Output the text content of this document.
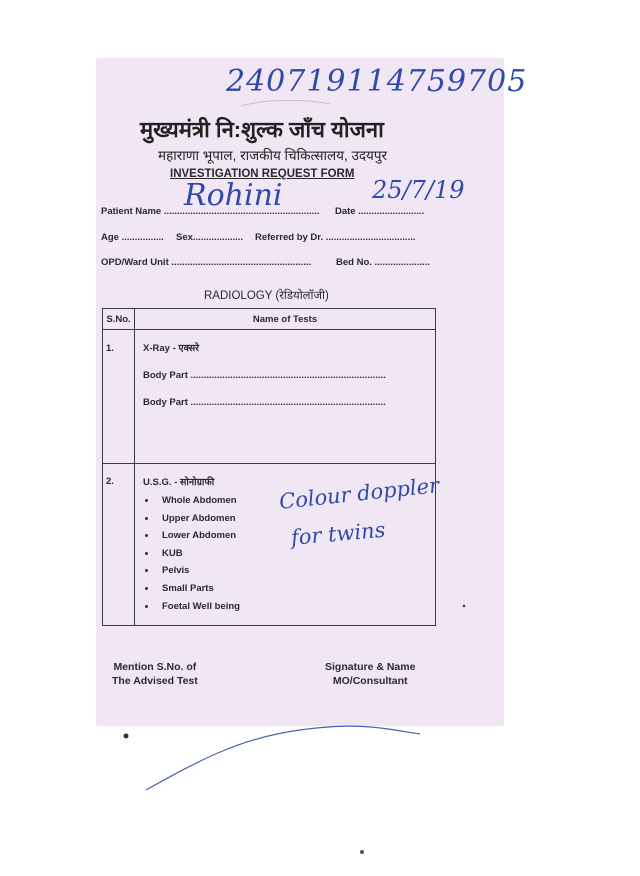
240719114759705
मुख्यमंत्री नि:शुल्क जाँच योजना
महाराणा भूपाल, राजकीय चिकित्सालय, उदयपुर
INVESTIGATION REQUEST FORM
Rohini	25/7/19
Patient Name ........................................................... Date .........................
Age ................ Sex................... Referred by Dr. ..................................
OPD/Ward Unit .....................................................	Bed No. .....................
RADIOLOGY (रेडियोलॉजी)
S.No.	Name of Tests

1.	X-Ray - एक्सरे
Body Part ..........................................................................
Body Part ..........................................................................
2.	U.S.G. - सोनोग्राफी
Whole Abdomen
Upper Abdomen
Lower Abdomen
KUB
Pelvis
Small Parts
Foetal Well being
Colour doppler
for twins
Mention S.No. of
The Advised Test
Signature & Name
MO/Consultant
